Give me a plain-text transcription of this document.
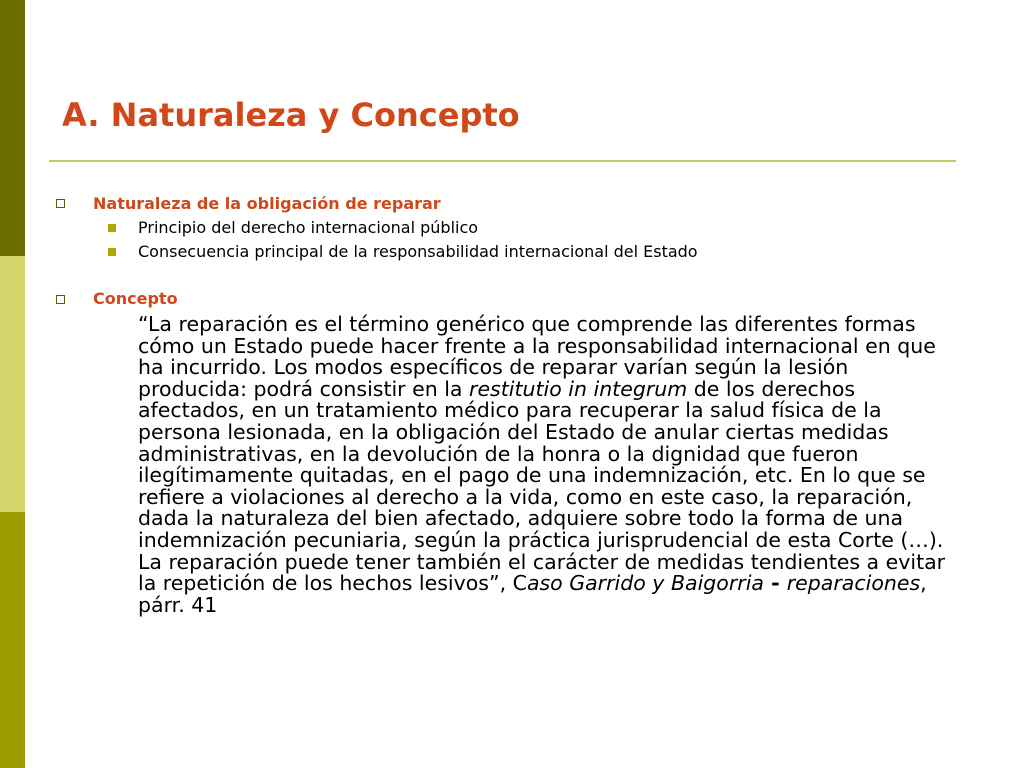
A. Naturaleza y Concepto
Naturaleza de la obligación de reparar
Principio del derecho internacional público
Consecuencia principal de la responsabilidad internacional del Estado
Concepto

“La reparación es el término genérico que comprende las diferentes formas cómo un Estado puede hacer frente a la responsabilidad internacional en que ha incurrido. Los modos específicos de reparar varían según la lesión producida: podrá consistir en la restitutio in integrum de los derechos afectados, en un tratamiento médico para recuperar la salud física de la persona lesionada, en la obligación del Estado de anular ciertas medidas administrativas, en la devolución de la honra o la dignidad que fueron ilegítimamente quitadas, en el pago de una indemnización, etc. En lo que se refiere a violaciones al derecho a la vida, como en este caso, la reparación, dada la naturaleza del bien afectado, adquiere sobre todo la forma de una indemnización pecuniaria, según la práctica jurisprudencial de esta Corte (…). La reparación puede tener también el carácter de medidas tendientes a evitar la repetición de los hechos lesivos”, Caso Garrido y Baigorria - reparaciones, párr. 41
